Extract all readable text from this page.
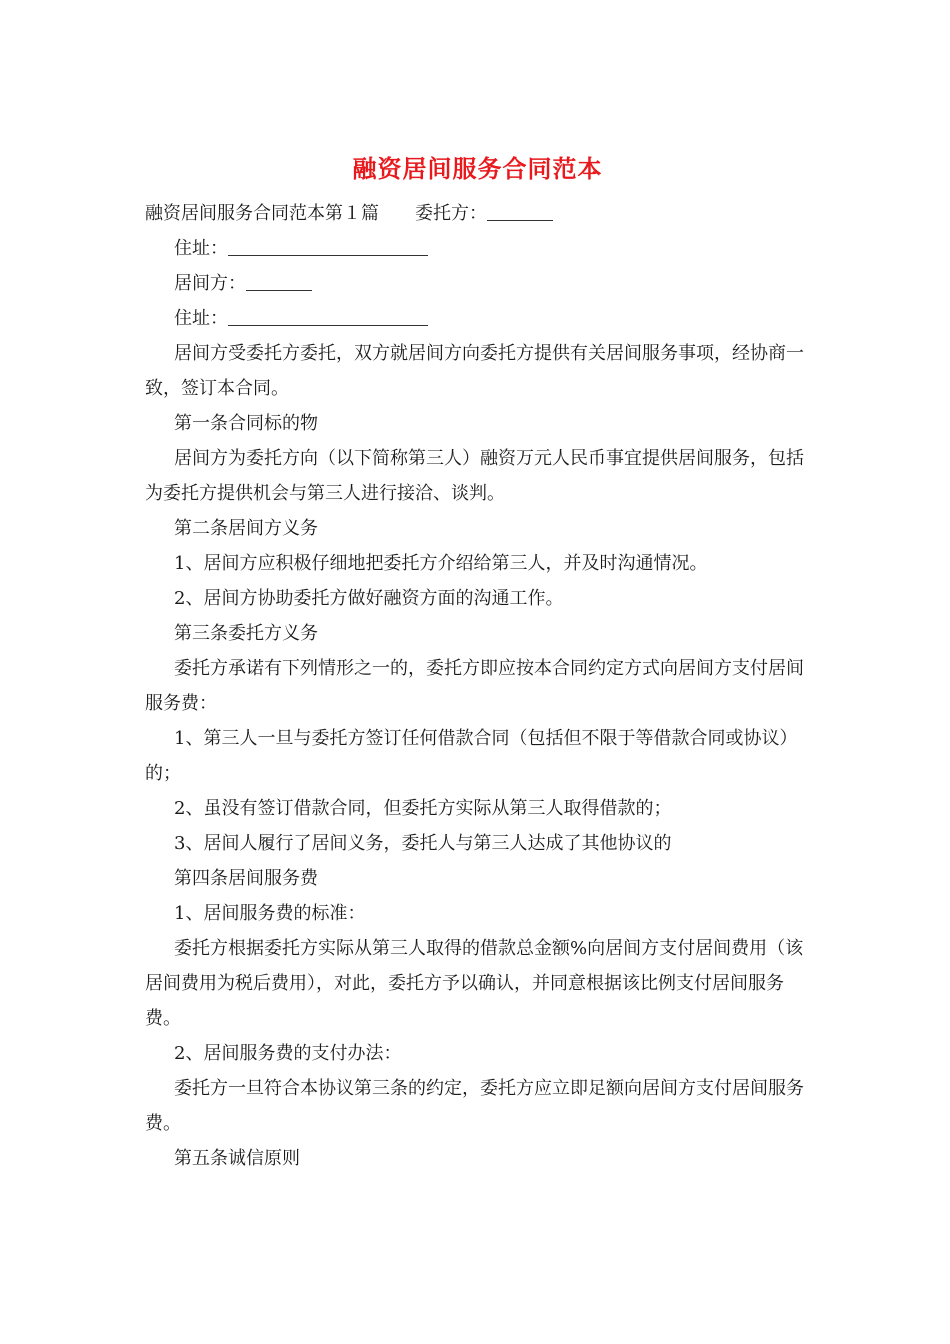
融资居间服务合同范本

融资居间服务合同范本第１篇 委托方：

住址：

居间方：

住址：

居间方受委托方委托，双方就居间方向委托方提供有关居间服务事项，经协商一致，签订本合同。

第一条合同标的物

居间方为委托方向（以下简称第三人）融资万元人民币事宜提供居间服务，包括为委托方提供机会与第三人进行接洽、谈判。

第二条居间方义务

1、居间方应积极仔细地把委托方介绍给第三人，并及时沟通情况。

2、居间方协助委托方做好融资方面的沟通工作。

第三条委托方义务

委托方承诺有下列情形之一的，委托方即应按本合同约定方式向居间方支付居间服务费：

1、第三人一旦与委托方签订任何借款合同（包括但不限于等借款合同或协议）的；

2、虽没有签订借款合同，但委托方实际从第三人取得借款的；

3、居间人履行了居间义务，委托人与第三人达成了其他协议的

第四条居间服务费

1、居间服务费的标准：

委托方根据委托方实际从第三人取得的借款总金额%向居间方支付居间费用（该居间费用为税后费用），对此，委托方予以确认，并同意根据该比例支付居间服务费。

2、居间服务费的支付办法：

委托方一旦符合本协议第三条的约定，委托方应立即足额向居间方支付居间服务费。

第五条诚信原则
